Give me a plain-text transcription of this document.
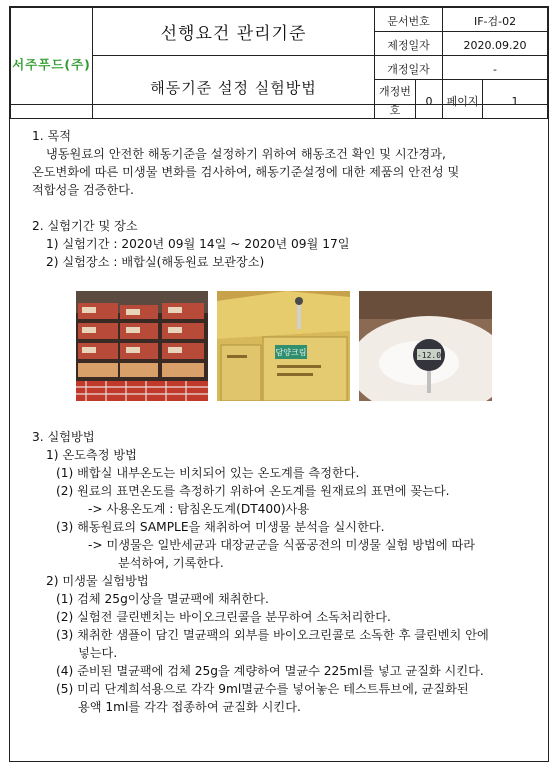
서주푸드(주)	선행요건 관리기준	문서번호		IF-검-02	
		제정일자		2020.09.20	
	해동기준 설정 실험방법	개정일자		-	
		개정번호	0	페이지	1
1. 목적
냉동원료의 안전한 해동기준을 설정하기 위하여 해동조건 확인 및 시간경과,
온도변화에 따른 미생물 변화를 검사하여, 해동기준설정에 대한 제품의 안전성 및
적합성을 검증한다.
2. 실험기간 및 장소
1) 실험기간 : 2020년 09월 14일 ~ 2020년 09월 17일
2) 실험장소 : 배합실(해동원료 보관장소)
담양크림	-12.0
3. 실험방법
1) 온도측정 방법
(1) 배합실 내부온도는 비치되어 있는 온도계를 측정한다.
(2) 원료의 표면온도를 측정하기 위하여 온도계를 원재료의 표면에 꽂는다.
-> 사용온도계 : 탐침온도계(DT400)사용
(3) 해동원료의 SAMPLE을 채취하여 미생물 분석을 실시한다.
-> 미생물은 일반세균과 대장균군을 식품공전의 미생물 실험 방법에 따라
분석하여, 기록한다.
2) 미생물 실험방법
(1) 검체 25g이상을 멸균팩에 채취한다.
(2) 실험전 클린벤치는 바이오크린콜을 분무하여 소독처리한다.
(3) 채취한 샘플이 담긴 멸균팩의 외부를 바이오크린콜로 소독한 후 클린벤치 안에
넣는다.
(4) 준비된 멸균팩에 검체 25g을 계량하여 멸균수 225ml를 넣고 균질화 시킨다.
(5) 미리 단계희석용으로 각각 9ml멸균수를 넣어놓은 테스트튜브에, 균질화된
용액 1ml를 각각 접종하여 균질화 시킨다.
